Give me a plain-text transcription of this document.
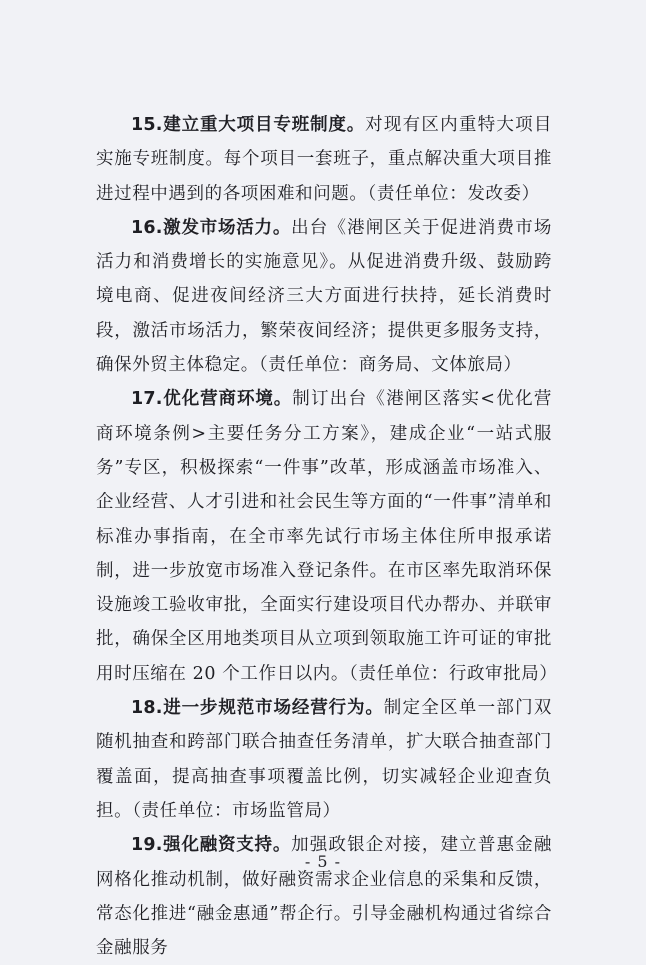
15.建立重大项目专班制度。对现有区内重特大项目实施专班制度。每个项目一套班子，重点解决重大项目推进过程中遇到的各项困难和问题。（责任单位：发改委）

16.激发市场活力。出台《港闸区关于促进消费市场活力和消费增长的实施意见》。从促进消费升级、鼓励跨境电商、促进夜间经济三大方面进行扶持，延长消费时段，激活市场活力，繁荣夜间经济；提供更多服务支持，确保外贸主体稳定。（责任单位：商务局、文体旅局）

17.优化营商环境。制订出台《港闸区落实<优化营商环境条例>主要任务分工方案》，建成企业“一站式服务”专区，积极探索“一件事”改革，形成涵盖市场准入、企业经营、人才引进和社会民生等方面的“一件事”清单和标准办事指南，在全市率先试行市场主体住所申报承诺制，进一步放宽市场准入登记条件。在市区率先取消环保设施竣工验收审批，全面实行建设项目代办帮办、并联审批，确保全区用地类项目从立项到领取施工许可证的审批用时压缩在 20 个工作日以内。（责任单位：行政审批局）

18.进一步规范市场经营行为。制定全区单一部门双随机抽查和跨部门联合抽查任务清单，扩大联合抽查部门覆盖面，提高抽查事项覆盖比例，切实减轻企业迎查负担。（责任单位：市场监管局）

19.强化融资支持。加强政银企对接，建立普惠金融网格化推动机制，做好融资需求企业信息的采集和反馈，常态化推进“融金惠通”帮企行。引导金融机构通过省综合金融服务

- 5 -
